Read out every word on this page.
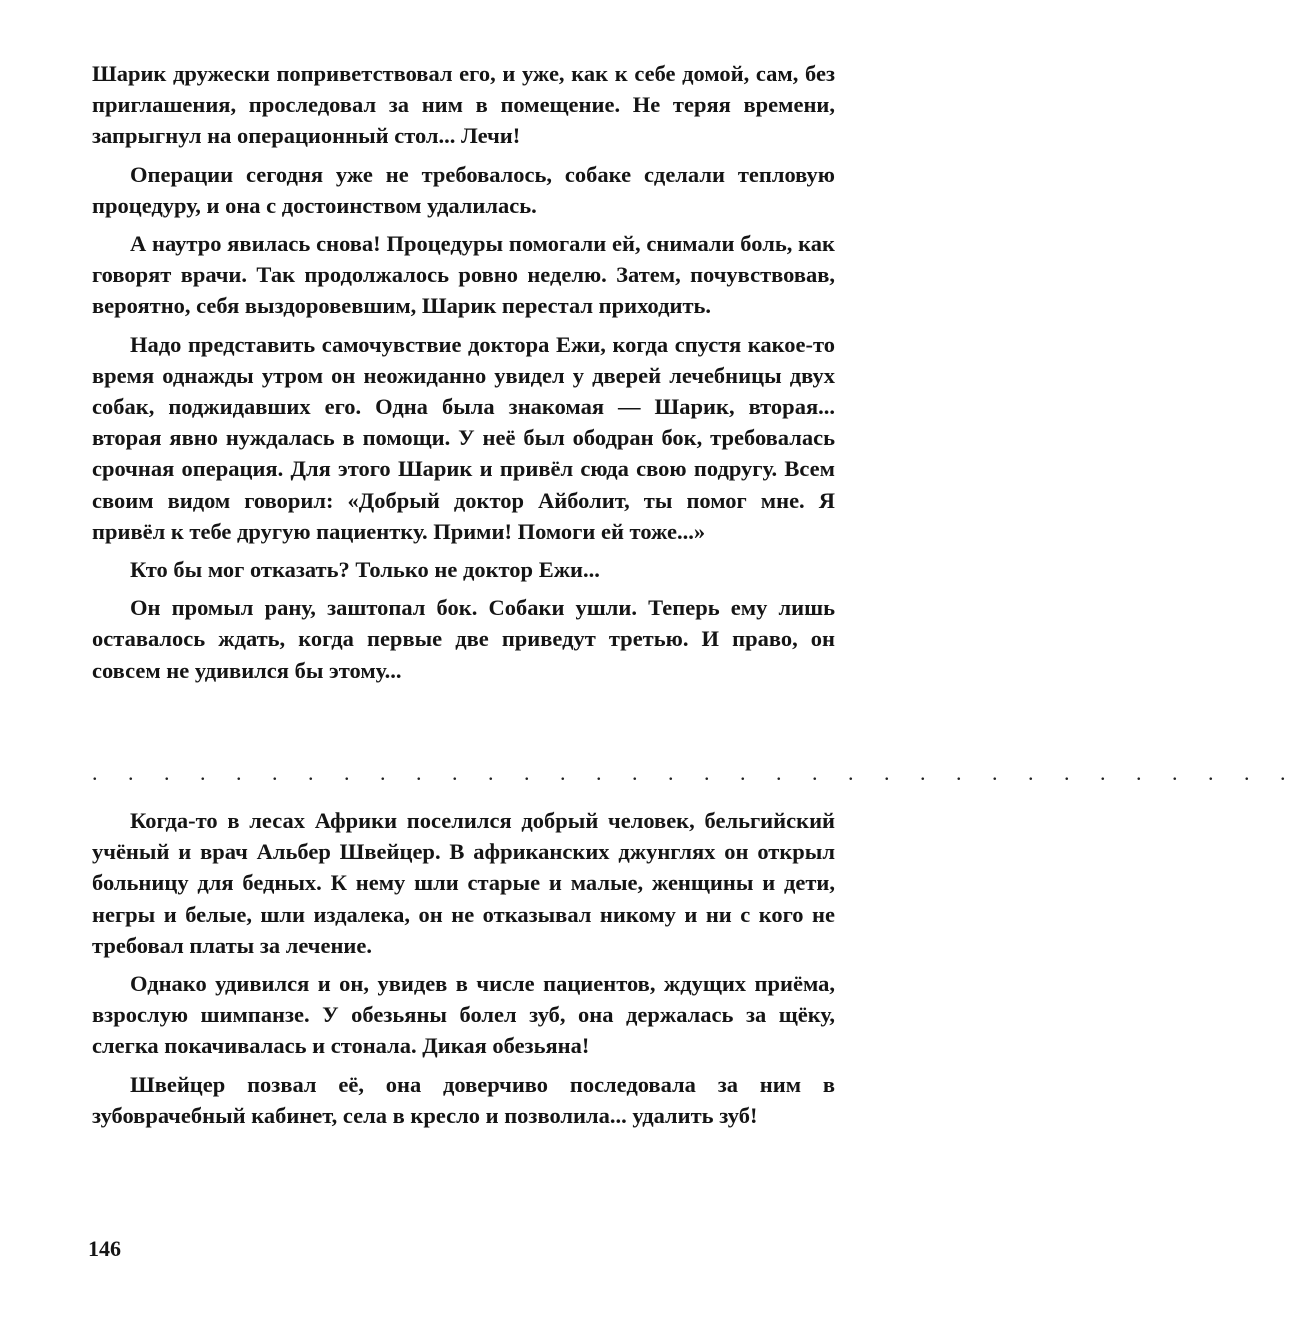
Шарик дружески поприветствовал его, и уже, как к себе домой, сам, без приглашения, проследовал за ним в помещение. Не теряя времени, запрыгнул на операционный стол... Лечи!

Операции сегодня уже не требовалось, собаке сделали тепловую процедуру, и она с достоинством удалилась.

А наутро явилась снова! Процедуры помогали ей, снимали боль, как говорят врачи. Так продолжалось ровно неделю. Затем, почувствовав, вероятно, себя выздоровевшим, Шарик перестал приходить.

Надо представить самочувствие доктора Ежи, когда спустя какое-то время однажды утром он неожиданно увидел у дверей лечебницы двух собак, поджидавших его. Одна была знакомая — Шарик, вторая... вторая явно нуждалась в помощи. У неё был ободран бок, требовалась срочная операция. Для этого Шарик и привёл сюда свою подругу. Всем своим видом говорил: «Добрый доктор Айболит, ты помог мне. Я привёл к тебе другую пациентку. Прими! Помоги ей тоже...»

Кто бы мог отказать? Только не доктор Ежи...

Он промыл рану, заштопал бок. Собаки ушли. Теперь ему лишь оставалось ждать, когда первые две приведут третью. И право, он совсем не удивился бы этому...

. . . . . . . . . . . . . . . . . . . . . . . . . . . . . . . . . .

Когда-то в лесах Африки поселился добрый человек, бельгийский учёный и врач Альбер Швейцер. В африканских джунглях он открыл больницу для бедных. К нему шли старые и малые, женщины и дети, негры и белые, шли издалека, он не отказывал никому и ни с кого не требовал платы за лечение.

Однако удивился и он, увидев в числе пациентов, ждущих приёма, взрослую шимпанзе. У обезьяны болел зуб, она держалась за щёку, слегка покачивалась и стонала. Дикая обезьяна!

Швейцер позвал её, она доверчиво последовала за ним в зубоврачебный кабинет, села в кресло и позволила... удалить зуб!

146
